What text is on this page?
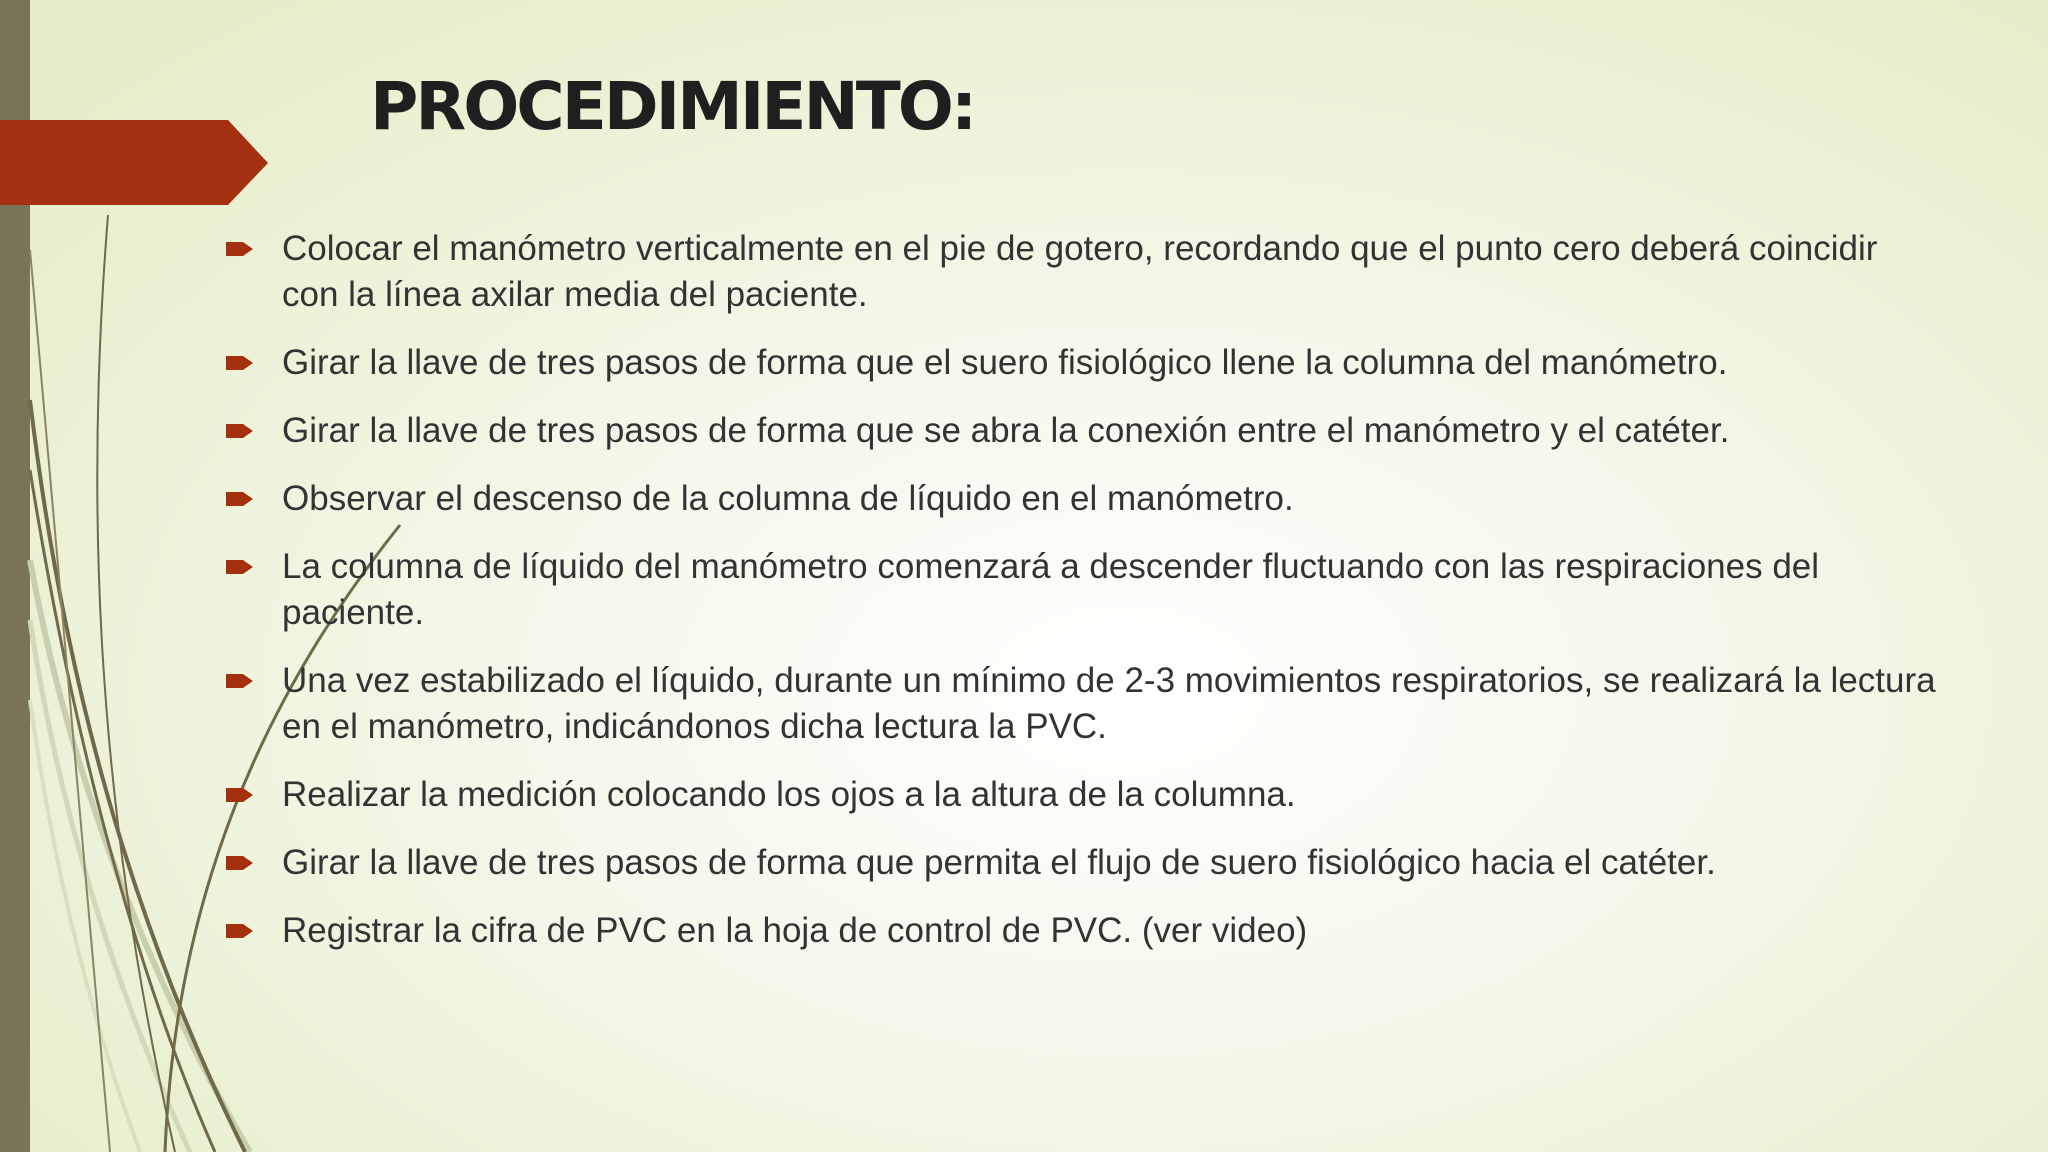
PROCEDIMIENTO:
Colocar el manómetro verticalmente en el pie de gotero, recordando que el punto cero deberá coincidir con la línea axilar media del paciente.
Girar la llave de tres pasos de forma que el suero fisiológico llene la columna del manómetro.
Girar la llave de tres pasos de forma que se abra la conexión entre el manómetro y el catéter.
Observar el descenso de la columna de líquido en el manómetro.
La columna de líquido del manómetro comenzará a descender fluctuando con las respiraciones del paciente.
Una vez estabilizado el líquido, durante un mínimo de 2-3 movimientos respiratorios, se realizará la lectura en el manómetro, indicándonos dicha lectura la PVC.
Realizar la medición colocando los ojos a la altura de la columna.
Girar la llave de tres pasos de forma que permita el flujo de suero fisiológico hacia el catéter.
Registrar la cifra de PVC en la hoja de control de PVC. (ver video)
